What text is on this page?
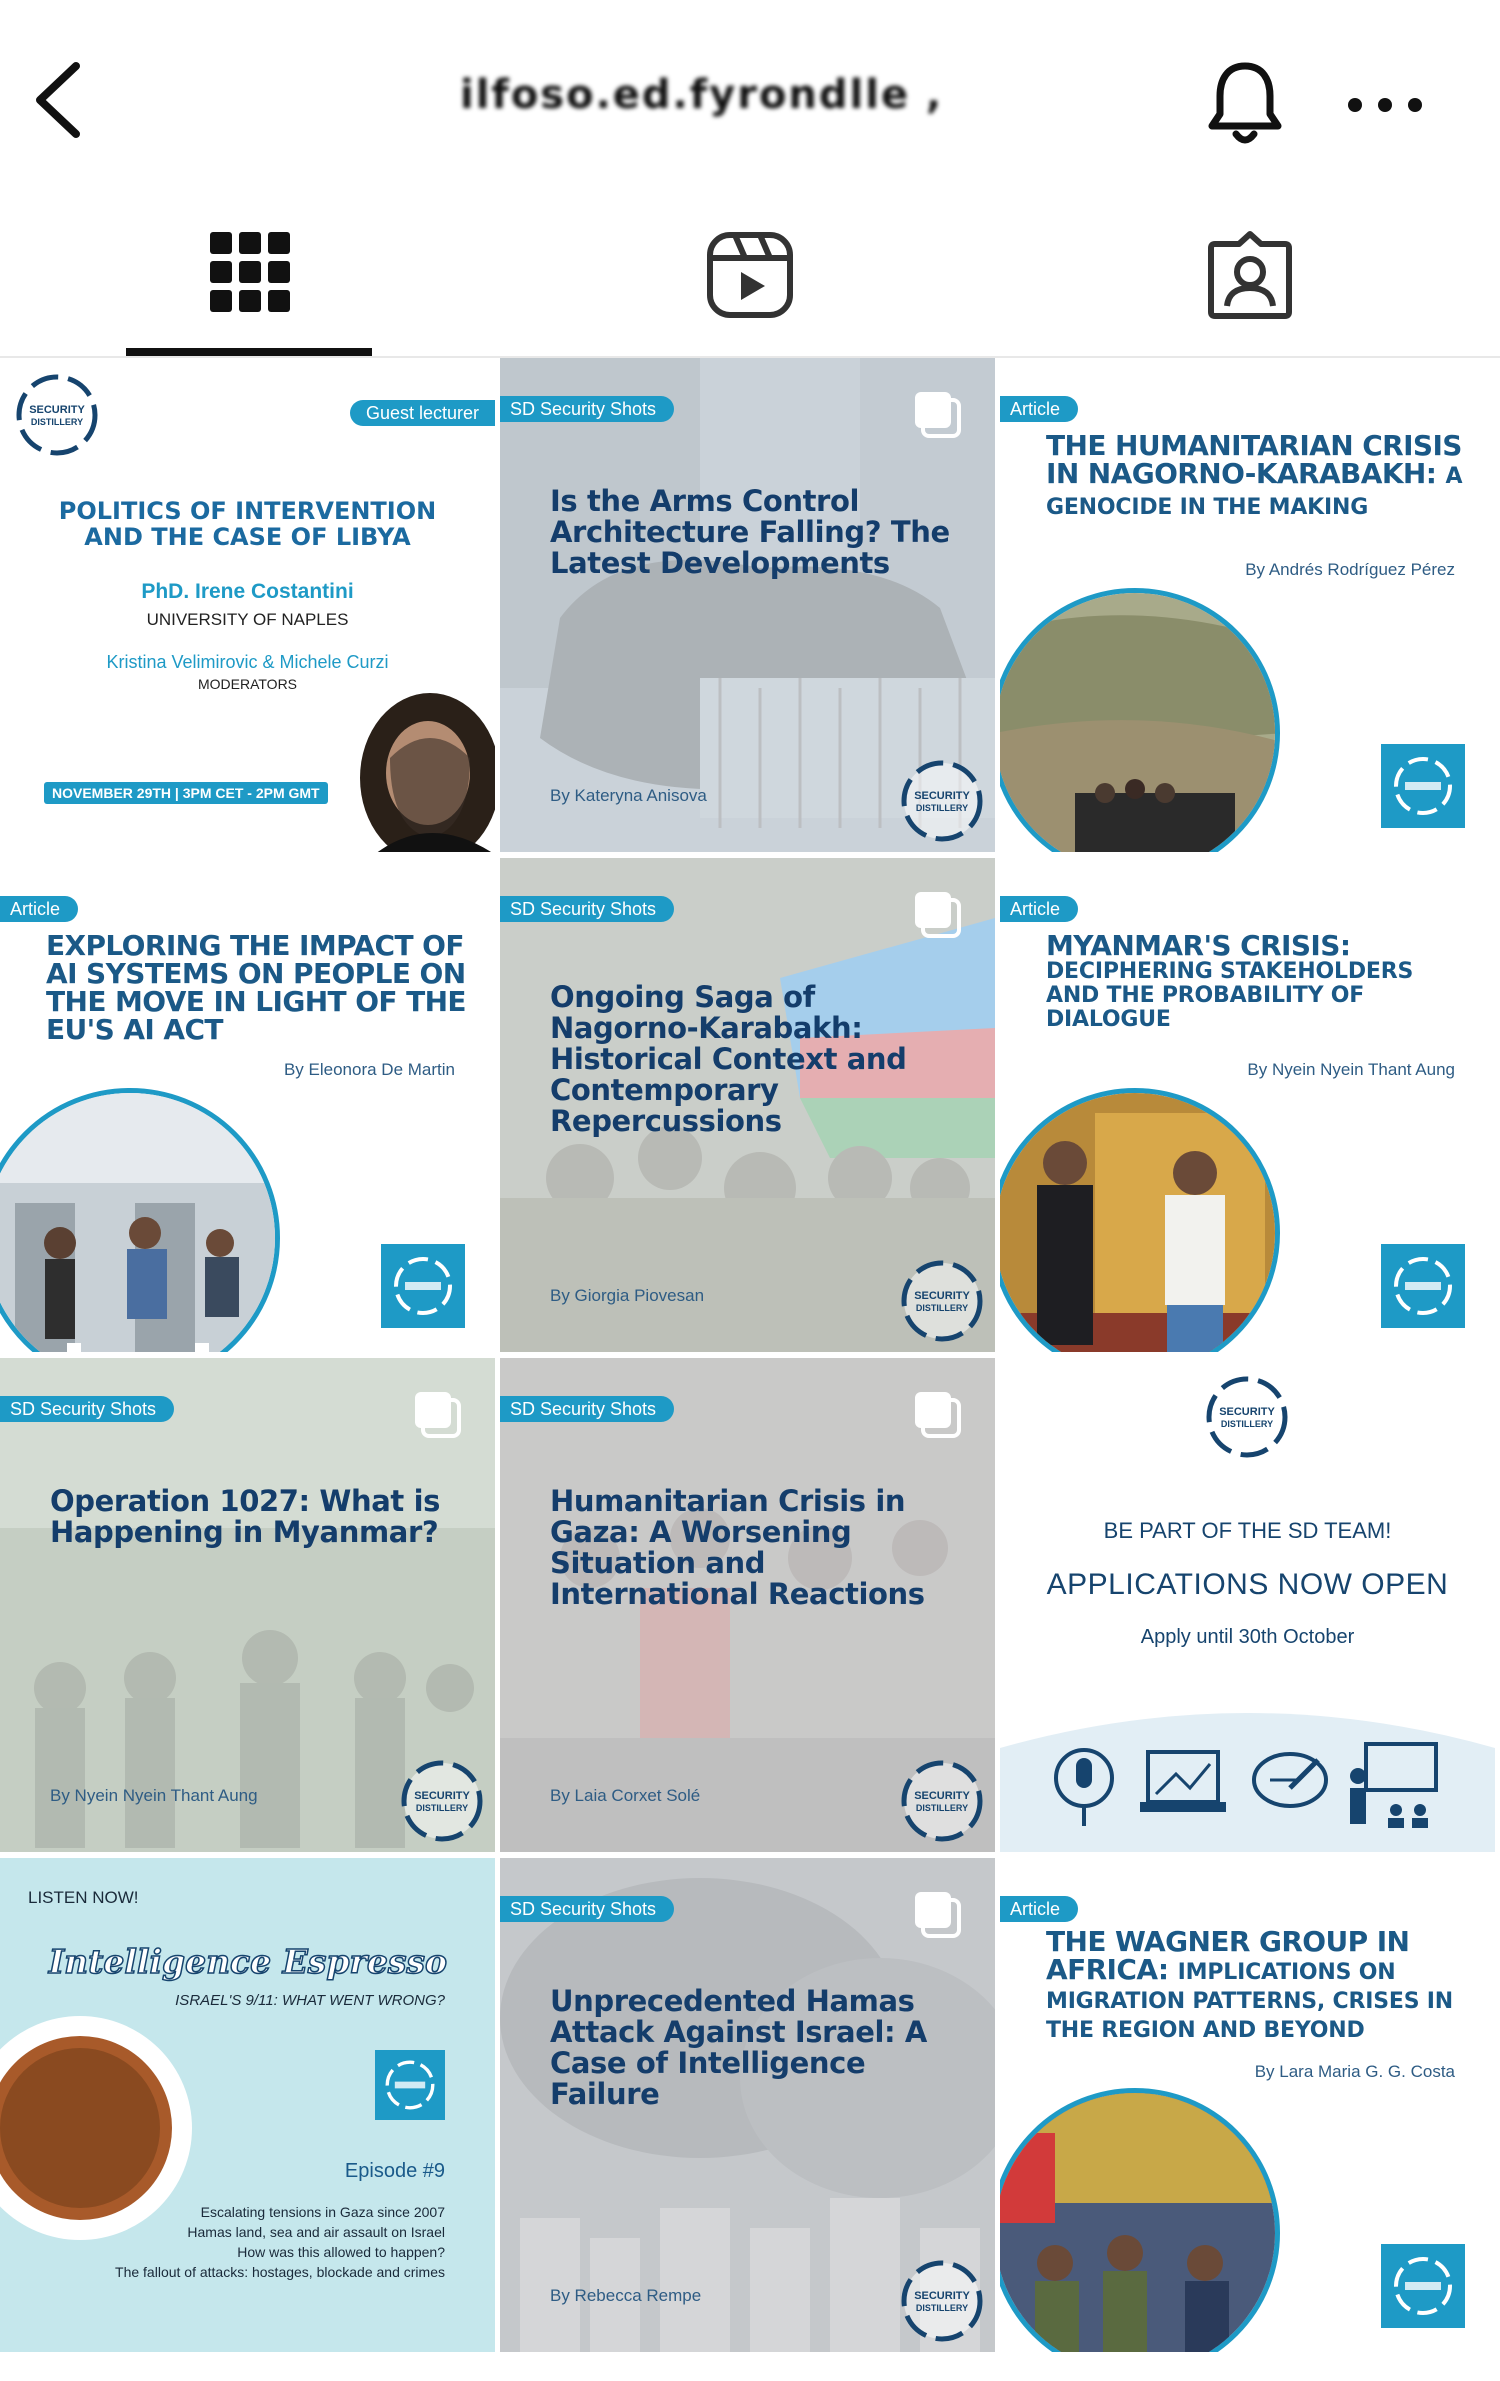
ilfoso.ed.fyrondlle ,
SECURITY
DISTILLERY	Guest lecturer
POLITICS OF INTERVENTION AND THE CASE OF LIBYA
PhD. Irene Costantini
UNIVERSITY OF NAPLES
Kristina Velimirovic & Michele Curzi
MODERATORS
NOVEMBER 29TH | 3PM CET - 2PM GMT
SD Security Shots
Is the Arms Control Architecture Falling? The Latest Developments
By Kateryna Anisova	SECURITY
DISTILLERY
Article
THE HUMANITARIAN CRISIS IN NAGORNO-KARABAKH: A GENOCIDE IN THE MAKING
By Andrés Rodríguez Pérez
Article
EXPLORING THE IMPACT OF AI SYSTEMS ON PEOPLE ON THE MOVE IN LIGHT OF THE EU'S AI ACT
By Eleonora De Martin
SD Security Shots
Ongoing Saga of Nagorno-Karabakh: Historical Context and Contemporary Repercussions
By Giorgia Piovesan	SECURITY
DISTILLERY
Article
MYANMAR'S CRISIS:

DECIPHERING STAKEHOLDERS AND THE PROBABILITY OF DIALOGUE
By Nyein Nyein Thant Aung
SD Security Shots
Operation 1027: What is Happening in Myanmar?
By Nyein Nyein Thant Aung	SECURITY
DISTILLERY
SD Security Shots
Humanitarian Crisis in Gaza: A Worsening Situation and International Reactions
By Laia Corxet Solé	SECURITY
DISTILLERY
SECURITY
DISTILLERY
BE PART OF THE SD TEAM!
APPLICATIONS NOW OPEN
Apply until 30th October
LISTEN NOW!
Intelligence Espresso
ISRAEL'S 9/11: WHAT WENT WRONG?
Episode #9
Escalating tensions in Gaza since 2007
Hamas land, sea and air assault on Israel
How was this allowed to happen?
The fallout of attacks: hostages, blockade and crimes
SD Security Shots
Unprecedented Hamas Attack Against Israel: A Case of Intelligence Failure
By Rebecca Rempe	SECURITY
DISTILLERY
Article
THE WAGNER GROUP IN AFRICA: IMPLICATIONS ON MIGRATION PATTERNS, CRISES IN THE REGION AND BEYOND
By Lara Maria G. G. Costa
